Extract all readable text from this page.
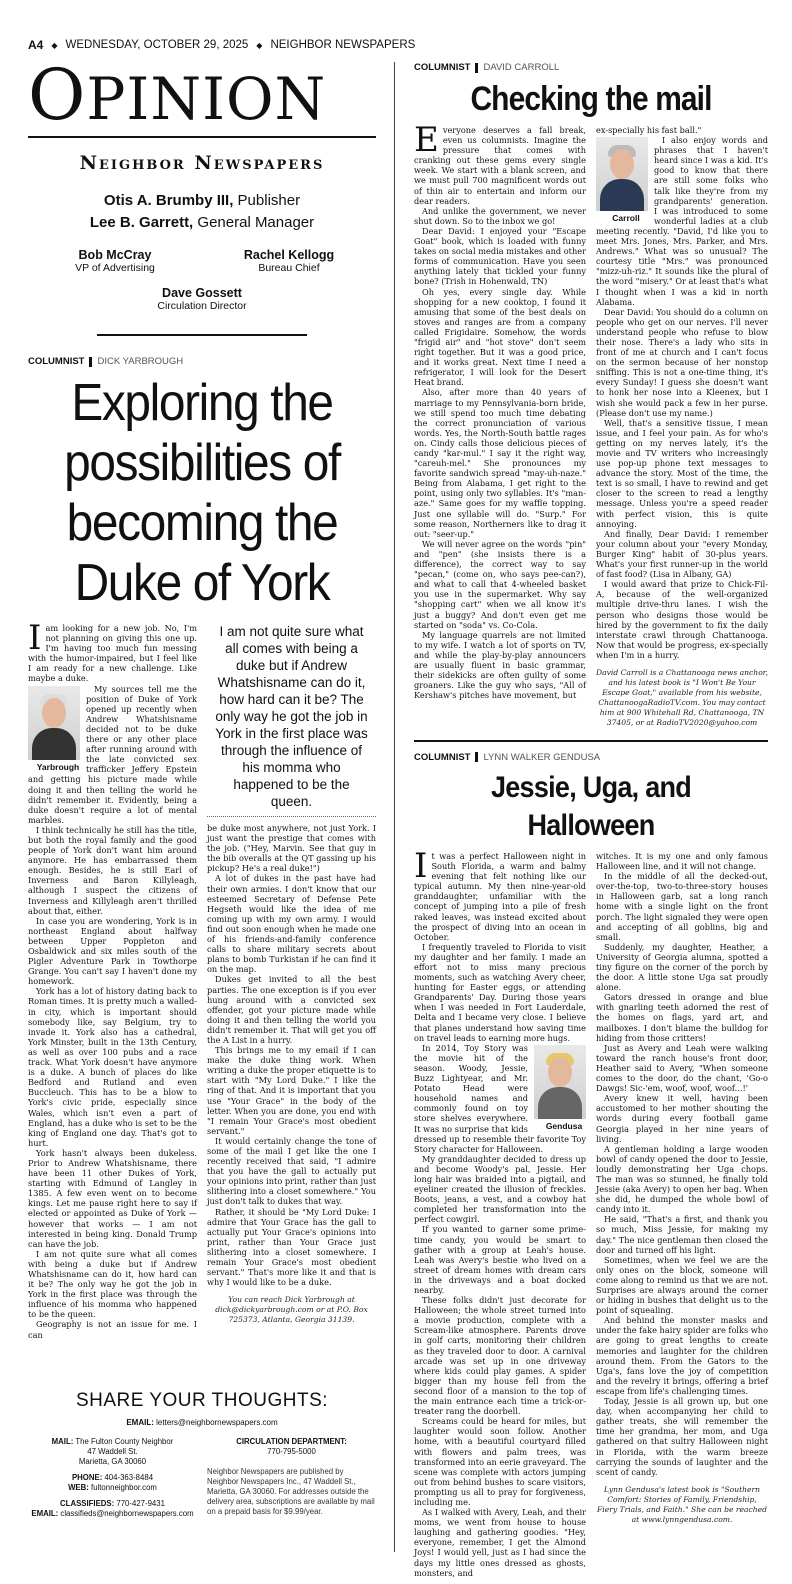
A4 ◆ WEDNESDAY, OCTOBER 29, 2025 ◆ NEIGHBOR NEWSPAPERS
OPINION
Neighbor Newspapers
Otis A. Brumby III, Publisher
Lee B. Garrett, General Manager
Bob McCray
VP of Advertising
Rachel Kellogg
Bureau Chief
Dave Gossett
Circulation Director
COLUMNIST DICK YARBROUGH
Exploring the possibilities of becoming the Duke of York

Iam looking for a new job. No, I'm not planning on giving this one up. I'm having too much fun messing with the humor-impaired, but I feel like I am ready for a new challenge. Like maybe a duke.

Yarbrough
My sources tell me the position of Duke of York opened up recently when Andrew Whatshisname decided not to be duke there or any other place after running around with the late convicted sex trafficker Jeffery Epstein and getting his picture made while doing it and then telling the world he didn't remember it. Evidently, being a duke doesn't require a lot of mental marbles.

I think technically he still has the title, but both the royal family and the good people of York don't want him around anymore. He has embarrassed them enough. Besides, he is still Earl of Inverness and Baron Killyleagh, although I suspect the citizens of Inverness and Killyleagh aren't thrilled about that, either.

In case you are wondering, York is in northeast England about halfway between Upper Poppleton and Osbaldwick and six miles south of the Pigler Adventure Park in Towthorpe Grange. You can't say I haven't done my homework.

York has a lot of history dating back to Roman times. It is pretty much a walled-in city, which is important should somebody like, say Belgium, try to invade it. York also has a cathedral, York Minster, built in the 13th Century, as well as over 100 pubs and a race track. What York doesn't have anymore is a duke. A bunch of places do like Bedford and Rutland and even Buccleuch. This has to be a blow to York's civic pride, especially since Wales, which isn't even a part of England, has a duke who is set to be the king of England one day. That's got to hurt.

York hasn't always been dukeless. Prior to Andrew Whatshisname, there have been 11 other Dukes of York, starting with Edmund of Langley in 1385. A few even went on to become kings. Let me pause right here to say if elected or appointed as Duke of York — however that works — I am not interested in being king. Donald Trump can have the job.

I am not quite sure what all comes with being a duke but if Andrew Whatshisname can do it, how hard can it be? The only way he got the job in York in the first place was through the influence of his momma who happened to be the queen.

Geography is not an issue for me. I can

I am not quite sure what all comes with being a duke but if Andrew Whatshisname can do it, how hard can it be? The only way he got the job in York in the first place was through the influence of his momma who happened to be the queen.

be duke most anywhere, not just York. I just want the prestige that comes with the job. ("Hey, Marvin. See that guy in the bib overalls at the QT gassing up his pickup? He's a real duke!")

A lot of dukes in the past have had their own armies. I don't know that our esteemed Secretary of Defense Pete Hegseth would like the idea of me coming up with my own army. I would find out soon enough when he made one of his friends-and-family conference calls to share military secrets about plans to bomb Turkistan if he can find it on the map.

Dukes get invited to all the best parties. The one exception is if you ever hung around with a convicted sex offender, got your picture made while doing it and then telling the world you didn't remember it. That will get you off the A List in a hurry.

This brings me to my email if I can make the duke thing work. When writing a duke the proper etiquette is to start with "My Lord Duke." I like the ring of that. And it is important that you use "Your Grace" in the body of the letter. When you are done, you end with "I remain Your Grace's most obedient servant."

It would certainly change the tone of some of the mail I get like the one I recently received that said, "I admire that you have the gall to actually put your opinions into print, rather than just slithering into a closet somewhere." You just don't talk to dukes that way.

Rather, it should be "My Lord Duke: I admire that Your Grace has the gall to actually put Your Grace's opinions into print, rather than Your Grace just slithering into a closet somewhere. I remain Your Grace's most obedient servant." That's more like it and that is why I would like to be a duke.

You can reach Dick Yarbrough at dick@dickyarbrough.com or at P.O. Box 725373, Atlanta, Georgia 31139.
SHARE YOUR THOUGHTS:
EMAIL: letters@neighbornewspapers.com
MAIL: The Fulton County Neighbor
47 Waddell St.
Marietta, GA 30060
PHONE: 404-363-8484
WEB: fultonneighbor.com
CLASSIFIEDS: 770-427-9431
EMAIL: classifieds@neighbornewspapers.com
CIRCULATION DEPARTMENT:
770-795-5000
Neighbor Newspapers are published by Neighbor Newspapers Inc., 47 Waddell St., Marietta, GA 30060. For addresses outside the delivery area, subscriptions are available by mail on a prepaid basis for $9.99/year.
COLUMNIST DAVID CARROLL
Checking the mail

Everyone deserves a fall break, even us columnists. Imagine the pressure that comes with cranking out these gems every single week. We start with a blank screen, and we must pull 700 magnificent words out of thin air to entertain and inform our dear readers.

And unlike the government, we never shut down. So to the inbox we go!

Dear David: I enjoyed your "Escape Goat" book, which is loaded with funny takes on social media mistakes and other forms of communication. Have you seen anything lately that tickled your funny bone? (Trish in Hohenwald, TN)

Oh yes, every single day. While shopping for a new cooktop, I found it amusing that some of the best deals on stoves and ranges are from a company called Frigidaire. Somehow, the words "frigid air" and "hot stove" don't seem right together. But it was a good price, and it works great. Next time I need a refrigerator, I will look for the Desert Heat brand.

Also, after more than 40 years of marriage to my Pennsylvania-born bride, we still spend too much time debating the correct pronunciation of various words. Yes, the North-South battle rages on. Cindy calls those delicious pieces of candy "kar-mul." I say it the right way, "careuh-mel." She pronounces my favorite sandwich spread "may-uh-naze." Being from Alabama, I get right to the point, using only two syllables. It's "man-aze." Same goes for my waffle topping. Just one syllable will do. "Surp." For some reason, Northerners like to drag it out: "seer-up."

We will never agree on the words "pin" and "pen" (she insists there is a difference), the correct way to say "pecan," (come on, who says pee-can?), and what to call that 4-wheeled basket you use in the supermarket. Why say "shopping cart" when we all know it's just a buggy? And don't even get me started on "soda" vs. Co-Cola.

My language quarrels are not limited to my wife. I watch a lot of sports on TV, and while the play-by-play announcers are usually fluent in basic grammar, their sidekicks are often guilty of some groaners. Like the guy who says, "All of Kershaw's pitches have movement, but

ex-specially his fast ball."

Carroll
I also enjoy words and phrases that I haven't heard since I was a kid. It's good to know that there are still some folks who talk like they're from my grandparents' generation. I was introduced to some wonderful ladies at a club meeting recently. "David, I'd like you to meet Mrs. Jones, Mrs. Parker, and Mrs. Andrews." What was so unusual? The courtesy title "Mrs." was pronounced "mizz-uh-riz." It sounds like the plural of the word "misery." Or at least that's what I thought when I was a kid in north Alabama.

Dear David: You should do a column on people who get on our nerves. I'll never understand people who refuse to blow their nose. There's a lady who sits in front of me at church and I can't focus on the sermon because of her nonstop sniffing. This is not a one-time thing, it's every Sunday! I guess she doesn't want to honk her nose into a Kleenex, but I wish she would pack a few in her purse. (Please don't use my name.)

Well, that's a sensitive tissue, I mean issue, and I feel your pain. As for who's getting on my nerves lately, it's the movie and TV writers who increasingly use pop-up phone text messages to advance the story. Most of the time, the text is so small, I have to rewind and get closer to the screen to read a lengthy message. Unless you're a speed reader with perfect vision, this is quite annoying.

And finally, Dear David: I remember your column about your "every Monday, Burger King" habit of 30-plus years. What's your first runner-up in the world of fast food? (Lisa in Albany, GA)

I would award that prize to Chick-Fil-A, because of the well-organized multiple drive-thru lanes. I wish the person who designs those would be hired by the government to fix the daily interstate crawl through Chattanooga. Now that would be progress, ex-specially when I'm in a hurry.

David Carroll is a Chattanooga news anchor, and his latest book is "I Won't Be Your Escape Goat," available from his website, ChattanoogaRadioTV.com. You may contact him at 900 Whitehall Rd, Chattanooga, TN 37405, or at RadioTV2020@yahoo.com
COLUMNIST LYNN WALKER GENDUSA
Jessie, Uga, and Halloween

It was a perfect Halloween night in South Florida, a warm and balmy evening that felt nothing like our typical autumn. My then nine-year-old granddaughter, unfamiliar with the concept of jumping into a pile of fresh raked leaves, was instead excited about the prospect of diving into an ocean in October.

I frequently traveled to Florida to visit my daughter and her family. I made an effort not to miss many precious moments, such as watching Avery cheer, hunting for Easter eggs, or attending Grandparents' Day. During those years when I was needed in Fort Lauderdale, Delta and I became very close. I believe that planes understand how saving time on travel leads to earning more hugs.

Gendusa
In 2014, Toy Story was the movie hit of the season. Woody, Jessie, Buzz Lightyear, and Mr. Potato Head were household names and commonly found on toy store shelves everywhere. It was no surprise that kids dressed up to resemble their favorite Toy Story character for Halloween.

My granddaughter decided to dress up and become Woody's pal, Jessie. Her long hair was braided into a pigtail, and eyeliner created the illusion of freckles. Boots, jeans, a vest, and a cowboy hat completed her transformation into the perfect cowgirl.

If you wanted to garner some prime-time candy, you would be smart to gather with a group at Leah's house. Leah was Avery's bestie who lived on a street of dream homes with dream cars in the driveways and a boat docked nearby.

These folks didn't just decorate for Halloween; the whole street turned into a movie production, complete with a Scream-like atmosphere. Parents drove in golf carts, monitoring their children as they traveled door to door. A carnival arcade was set up in one driveway where kids could play games. A spider bigger than my house fell from the second floor of a mansion to the top of the main entrance each time a trick-or-treater rang the doorbell.

Screams could be heard for miles, but laughter would soon follow. Another home, with a beautiful courtyard filled with flowers and palm trees, was transformed into an eerie graveyard. The scene was complete with actors jumping out from behind bushes to scare visitors, prompting us all to pray for forgiveness, including me.

As I walked with Avery, Leah, and their moms, we went from house to house laughing and gathering goodies. "Hey, everyone, remember, I get the Almond Joys! I would yell, just as I had since the days my little ones dressed as ghosts, monsters, and

witches. It is my one and only famous Halloween line, and it will not change.

In the middle of all the decked-out, over-the-top, two-to-three-story houses in Halloween garb, sat a long ranch home with a single light on the front porch. The light signaled they were open and accepting of all goblins, big and small.

Suddenly, my daughter, Heather, a University of Georgia alumna, spotted a tiny figure on the corner of the porch by the door. A little stone Uga sat proudly alone.

Gators dressed in orange and blue with gnarling teeth adorned the rest of the homes on flags, yard art, and mailboxes. I don't blame the bulldog for hiding from those critters!

Just as Avery and Leah were walking toward the ranch house's front door, Heather said to Avery, "When someone comes to the door, do the chant, 'Go-o Dawgs! Sic-'em, woof, woof, woof...!'

Avery knew it well, having been accustomed to her mother shouting the words during every football game Georgia played in her nine years of living.

A gentleman holding a large wooden bowl of candy opened the door to Jessie, loudly demonstrating her Uga chops. The man was so stunned, he finally told Jessie (aka Avery) to open her bag. When she did, he dumped the whole bowl of candy into it.

He said, "That's a first, and thank you so much, Miss Jessie, for making my day." The nice gentleman then closed the door and turned off his light.

Sometimes, when we feel we are the only ones on the block, someone will come along to remind us that we are not. Surprises are always around the corner or hiding in bushes that delight us to the point of squealing.

And behind the monster masks and under the fake hairy spider are folks who are going to great lengths to create memories and laughter for the children around them. From the Gators to the Uga's, fans love the joy of competition and the revelry it brings, offering a brief escape from life's challenging times.

Today, Jessie is all grown up, but one day, when accompanying her child to gather treats, she will remember the time her grandma, her mom, and Uga gathered on that sultry Halloween night in Florida, with the warm breeze carrying the sounds of laughter and the scent of candy.

Lynn Gendusa's latest book is "Southern Comfort: Stories of Family, Friendship, Fiery Trials, and Faith." She can be reached at www.lynngendusa.com.
